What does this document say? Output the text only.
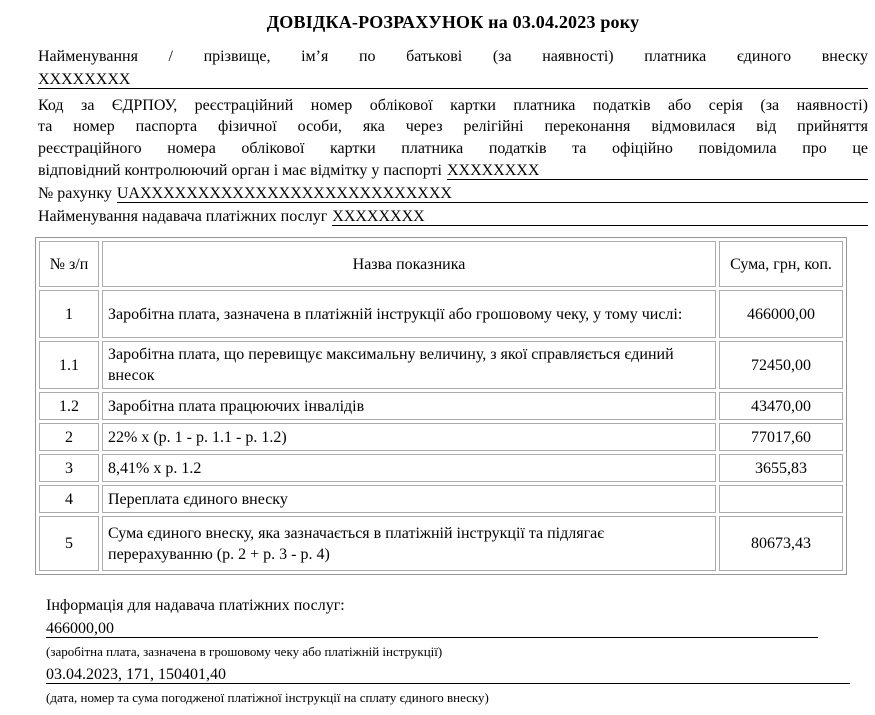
ДОВІДКА-РОЗРАХУНОК на 03.04.2023 року
Найменування / прізвище, ім’я по батькові (за наявності) платника єдиного внеску
XXXXXXXX
Код за ЄДРПОУ, реєстраційний номер облікової картки платника податків або серія (за наявності)
та номер паспорта фізичної особи, яка через релігійні переконання відмовилася від прийняття
реєстраційного номера облікової картки платника податків та офіційно повідомила про це
відповідний контролюючий орган і має відмітку у паспорті XXXXXXXX
№ рахунку UAXXXXXXXXXXXXXXXXXXXXXXXXXXX
Найменування надавача платіжних послуг XXXXXXXX
№ з/п	Назва показника	Сума, грн, коп.
1	Заробітна плата, зазначена в платіжній інструкції або грошовому чеку, у тому числі:	466000,00
1.1	Заробітна плата, що перевищує максимальну величину, з якої справляється єдиний внесок	72450,00
1.2	Заробітна плата працюючих інвалідів	43470,00
2	22% х (р. 1 - р. 1.1 - р. 1.2)	77017,60
3	8,41% х р. 1.2	3655,83
4	Переплата єдиного внеску	
5	Сума єдиного внеску, яка зазначається в платіжній інструкції та підлягає перерахуванню (р. 2 + р. 3 - р. 4)	80673,43
Інформація для надавача платіжних послуг:
466000,00
(заробітна плата, зазначена в грошовому чеку або платіжній інструкції)
03.04.2023, 171, 150401,40
(дата, номер та сума погодженої платіжної інструкції на сплату єдиного внеску)
